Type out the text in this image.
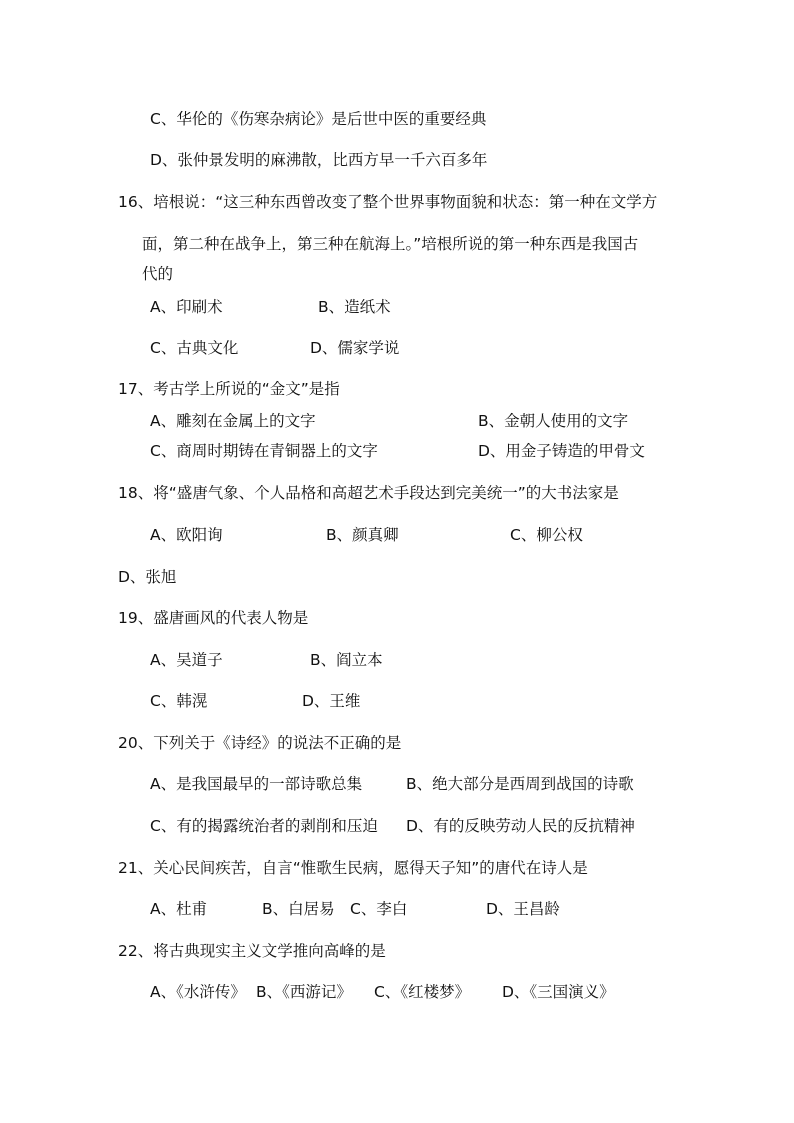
C、华伦的《伤寒杂病论》是后世中医的重要经典
D、张仲景发明的麻沸散，比西方早一千六百多年
16、培根说：“这三种东西曾改变了整个世界事物面貌和状态：第一种在文学方
面，第二种在战争上，第三种在航海上。”培根所说的第一种东西是我国古
代的
A、印刷术	B、造纸术
C、古典文化	D、儒家学说
17、考古学上所说的“金文”是指
A、雕刻在金属上的文字	B、金朝人使用的文字
C、商周时期铸在青铜器上的文字	D、用金子铸造的甲骨文
18、将“盛唐气象、个人品格和高超艺术手段达到完美统一”的大书法家是
A、欧阳询	B、颜真卿	C、柳公权
D、张旭
19、盛唐画风的代表人物是
A、吴道子	B、阎立本
C、韩滉	D、王维
20、下列关于《诗经》的说法不正确的是
A、是我国最早的一部诗歌总集	B、绝大部分是西周到战国的诗歌
C、有的揭露统治者的剥削和压迫 D、有的反映劳动人民的反抗精神
21、关心民间疾苦，自言“惟歌生民病，愿得天子知”的唐代在诗人是
A、杜甫	B、白居易 C、李白	D、王昌龄
22、将古典现实主义文学推向高峰的是
A、《水浒传》 B、《西游记》 C、《红楼梦》 D、《三国演义》
